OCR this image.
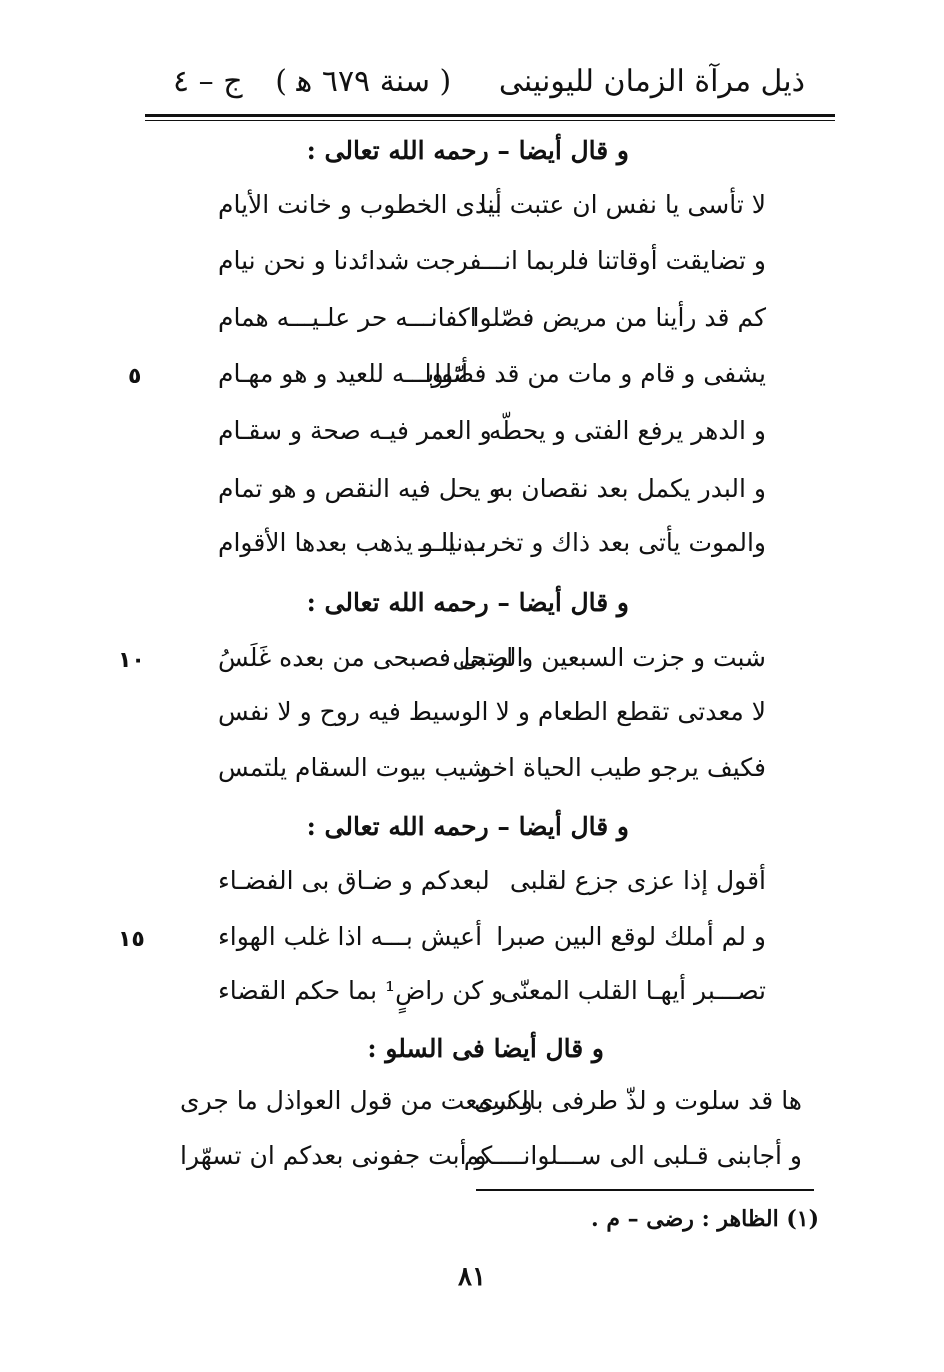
ذيل مرآة الزمان لليونينى     ( سنة ٦٧٩ ﻫ )
ج – ٤
و قال أيضا – رحمه الله تعالى :
لا تأسى يا نفس ان عتبت بنا
أيدى الخطوب و خانت الأيام
و تضايقت أوقاتنا فلربما انـــفرجت
شدائدنا و نحن نيام
كم قد رأينا من مريض فصّلوا
اكفانـــه حر علـيـــه همام
يشفى و قام و مات من قد فصّلوا
أثوابـــه للعيد و هو مهـام
٥
و الدهر يرفع الفتى و يحطّه
و العمر فيـه صحة و سقـام
و البدر يكمل بعد نقصان به
و يحل فيه النقص و هو تمام
والموت يأتى بعد ذاك و تخرب الـــ
ـدنيا و يذهب بعدها الأقوام
و قال أيضا – رحمه الله تعالى :
شبت و جزت السبعين و ارتحل
الصبى فصبحى من بعده غَلَسُ
١٠
لا معدتى تقطع الطعام و لا
الوسيط فيه روح و لا نفس
فكيف يرجو طيب الحياة اخو
شيب بيوت السقام يلتمس
و قال أيضا – رحمه الله تعالى :
أقول إذا عزى جزع لقلبى
لبعدكم و ضـاق بى الفضـاء
و لم أملك لوقع البين صبرا
أعيش بـــه اذا غلب الهواء
١٥
تصـــبر أيهـا القلب المعنّى
و كن راضٍ¹ بما حكم القضاء
و قال أيضا فى السلو :
ها قد سلوت و لذّ طرفى بالكرى
و سمعت من قول العواذل ما جرى
و أجابنى قـلبى الى ســـلوانــــكم
و أبت جفونى بعدكم ان تسهّرا
(١) الظاهر : رضى – م .
٨١
